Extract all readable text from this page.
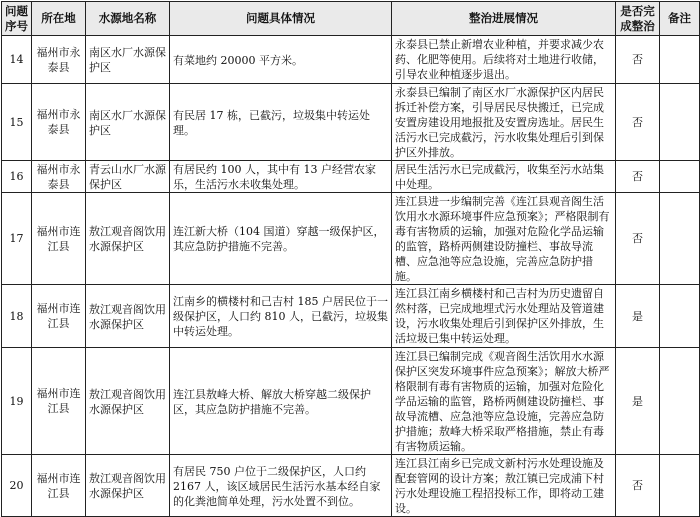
问题序号	所在地	水源地名称	问题具体情况	整治进展情况	是否完成整治	备注
14	福州市永泰县	南区水厂水源保护区	有菜地约 20000 平方米。	永泰县已禁止新增农业种植，并要求减少农药、化肥等使用。后续将对土地进行收储，引导农业种植逐步退出。	否	
15	福州市永泰县	南区水厂水源保护区	有民居 17 栋，已截污，垃圾集中转运处理。	永泰县已编制了南区水厂水源保护区内居民拆迁补偿方案，引导居民尽快搬迁，已完成安置房建设用地报批及安置房选址。居民生活污水已完成截污，污水收集处理后引到保护区外排放。	否	
16	福州市永泰县	青云山水厂水源保护区	有居民约 100 人，其中有 13 户经营农家乐，生活污水未收集处理。	居民生活污水已完成截污，收集至污水站集中处理。	否	
17	福州市连江县	敖江观音阁饮用水源保护区	连江新大桥（104 国道）穿越一级保护区，其应急防护措施不完善。	连江县进一步编制完善《连江县观音阁生活饮用水水源环境事件应急预案》；严格限制有毒有害物质的运输，加强对危险化学品运输的监管，路桥两侧建设防撞栏、事故导流槽、应急池等应急设施，完善应急防护措施。	否	
18	福州市连江县	敖江观音阁饮用水源保护区	江南乡的横楼村和己吉村 185 户居民位于一级保护区，人口约 810 人，已截污，垃圾集中转运处理。	连江县江南乡横楼村和己吉村为历史遗留自然村落，已完成地埋式污水处理站及管道建设，污水收集处理后引到保护区外排放，生活垃圾已集中转运处理。	是	
19	福州市连江县	敖江观音阁饮用水源保护区	连江县敖峰大桥、解放大桥穿越二级保护区，其应急防护措施不完善。	连江县已编制完成《观音阁生活饮用水水源保护区突发环境事件应急预案》；解放大桥严格限制有毒有害物质的运输，加强对危险化学品运输的监管，路桥两侧建设防撞栏、事故导流槽、应急池等应急设施，完善应急防护措施；敖峰大桥采取严格措施，禁止有毒有害物质运输。	是	
20	福州市连江县	敖江观音阁饮用水源保护区	有居民 750 户位于二级保护区，人口约 2167 人，该区域居民生活污水基本经自家的化粪池简单处理，污水处置不到位。	连江县江南乡已完成文新村污水处理设施及配套管网的设计方案；敖江镇已完成浦下村污水处理设施工程招投标工作，即将动工建设。	否	
